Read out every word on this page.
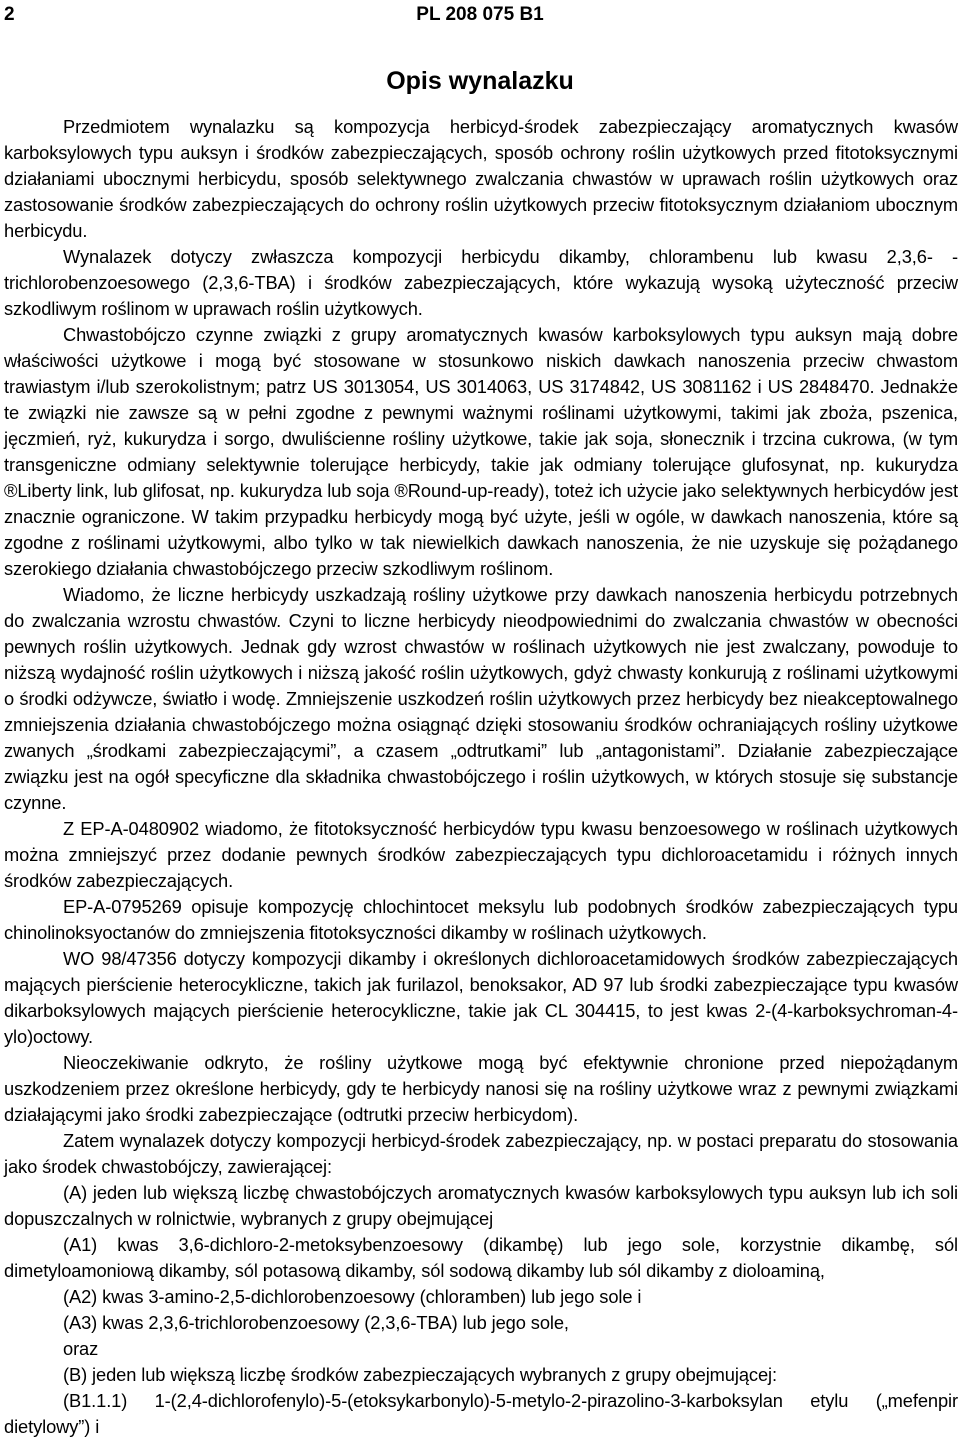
2	PL 208 075 B1
Opis wynalazku

Przedmiotem wynalazku są kompozycja herbicyd-środek zabezpieczający aromatycznych kwasów karboksylowych typu auksyn i środków zabezpieczających, sposób ochrony roślin użytkowych przed fitotoksycznymi działaniami ubocznymi herbicydu, sposób selektywnego zwalczania chwastów w uprawach roślin użytkowych oraz zastosowanie środków zabezpieczających do ochrony roślin użytkowych przeciw fitotoksycznym działaniom ubocznym herbicydu.

Wynalazek dotyczy zwłaszcza kompozycji herbicydu dikamby, chlorambenu lub kwasu 2,3,6‑ -trichlorobenzoesowego (2,3,6-TBA) i środków zabezpieczających, które wykazują wysoką użyteczność przeciw szkodliwym roślinom w uprawach roślin użytkowych.

Chwastobójczo czynne związki z grupy aromatycznych kwasów karboksylowych typu auksyn mają dobre właściwości użytkowe i mogą być stosowane w stosunkowo niskich dawkach nanoszenia przeciw chwastom trawiastym i/lub szerokolistnym; patrz US 3013054, US 3014063, US 3174842, US 3081162 i US 2848470. Jednakże te związki nie zawsze są w pełni zgodne z pewnymi ważnymi roślinami użytkowymi, takimi jak zboża, pszenica, jęczmień, ryż, kukurydza i sorgo, dwuliścienne rośliny użytkowe, takie jak soja, słonecznik i trzcina cukrowa, (w tym transgeniczne odmiany selektywnie tolerujące herbicydy, takie jak odmiany tolerujące glufosynat, np. kukurydza ®Liberty link, lub glifosat, np. kukurydza lub soja ®Round-up-ready), toteż ich użycie jako selektywnych herbicydów jest znacznie ograniczone. W takim przypadku herbicydy mogą być użyte, jeśli w ogóle, w dawkach nanoszenia, które są zgodne z roślinami użytkowymi, albo tylko w tak niewielkich dawkach nanoszenia, że nie uzyskuje się pożądanego szerokiego działania chwastobójczego przeciw szkodliwym roślinom.

Wiadomo, że liczne herbicydy uszkadzają rośliny użytkowe przy dawkach nanoszenia herbicydu potrzebnych do zwalczania wzrostu chwastów. Czyni to liczne herbicydy nieodpowiednimi do zwalczania chwastów w obecności pewnych roślin użytkowych. Jednak gdy wzrost chwastów w roślinach użytkowych nie jest zwalczany, powoduje to niższą wydajność roślin użytkowych i niższą jakość roślin użytkowych, gdyż chwasty konkurują z roślinami użytkowymi o środki odżywcze, światło i wodę. Zmniejszenie uszkodzeń roślin użytkowych przez herbicydy bez nieakceptowalnego zmniejszenia działania chwastobójczego można osiągnąć dzięki stosowaniu środków ochraniających rośliny użytkowe zwanych „środkami zabezpieczającymi”, a czasem „odtrutkami” lub „antagonistami”. Działanie zabezpieczające związku jest na ogół specyficzne dla składnika chwastobójczego i roślin użytkowych, w których stosuje się substancje czynne.

Z EP-A-0480902 wiadomo, że fitotoksyczność herbicydów typu kwasu benzoesowego w roślinach użytkowych można zmniejszyć przez dodanie pewnych środków zabezpieczających typu dichloroacetamidu i różnych innych środków zabezpieczających.

EP-A-0795269 opisuje kompozycję chlochintocet meksylu lub podobnych środków zabezpieczających typu chinolinoksyoctanów do zmniejszenia fitotoksyczności dikamby w roślinach użytkowych.

WO 98/47356 dotyczy kompozycji dikamby i określonych dichloroacetamidowych środków zabezpieczających mających pierścienie heterocykliczne, takich jak furilazol, benoksakor, AD 97 lub środki zabezpieczające typu kwasów dikarboksylowych mających pierścienie heterocykliczne, takie jak CL 304415, to jest kwas 2-(4-karboksychroman-4-ylo)octowy.

Nieoczekiwanie odkryto, że rośliny użytkowe mogą być efektywnie chronione przed niepożądanym uszkodzeniem przez określone herbicydy, gdy te herbicydy nanosi się na rośliny użytkowe wraz z pewnymi związkami działającymi jako środki zabezpieczające (odtrutki przeciw herbicydom).

Zatem wynalazek dotyczy kompozycji herbicyd-środek zabezpieczający, np. w postaci preparatu do stosowania jako środek chwastobójczy, zawierającej:

(A) jeden lub większą liczbę chwastobójczych aromatycznych kwasów karboksylowych typu auksyn lub ich soli dopuszczalnych w rolnictwie, wybranych z grupy obejmującej

(A1) kwas 3,6-dichloro-2-metoksybenzoesowy (dikambę) lub jego sole, korzystnie dikambę, sól dimetyloamoniową dikamby, sól potasową dikamby, sól sodową dikamby lub sól dikamby z dioloaminą,

(A2) kwas 3-amino-2,5-dichlorobenzoesowy (chloramben) lub jego sole i

(A3) kwas 2,3,6-trichlorobenzoesowy (2,3,6-TBA) lub jego sole,

oraz

(B) jeden lub większą liczbę środków zabezpieczających wybranych z grupy obejmującej:

(B1.1.1) 1-(2,4-dichlorofenylo)-5-(etoksykarbonylo)-5-metylo-2-pirazolino-3-karboksylan etylu („mefenpir dietylowy”) i
